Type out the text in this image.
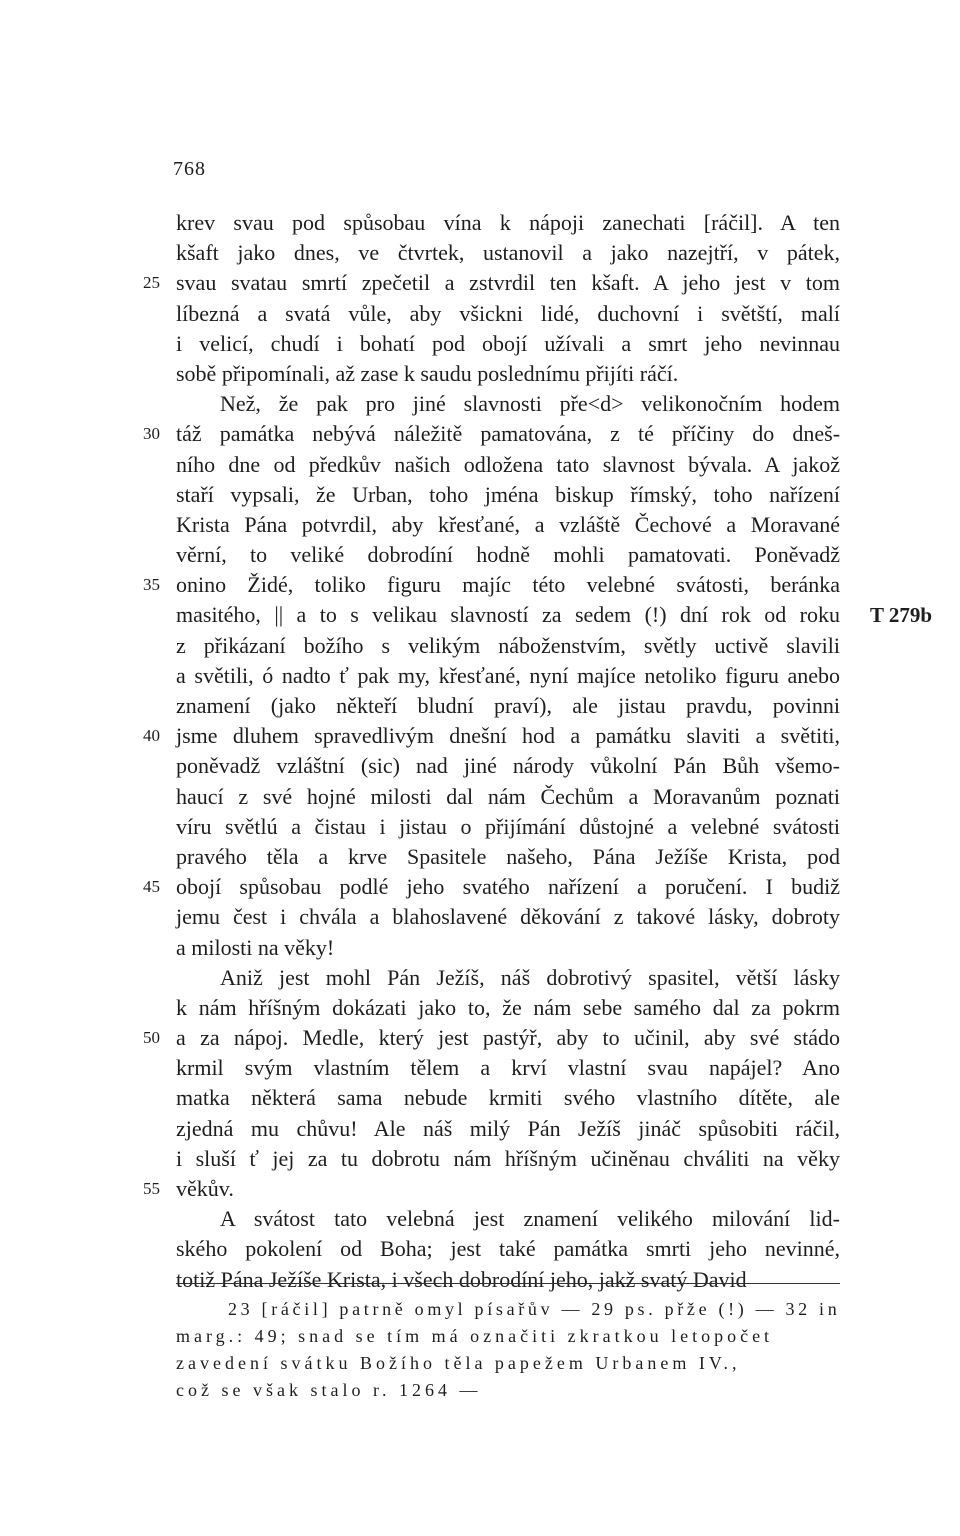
768
krev svau pod spůsobau vína k nápoji zanechati [ráčil]. A ten
kšaft jako dnes, ve čtvrtek, ustanovil a jako nazejtří, v pátek,
25 svau svatau smrtí zpečetil a zstvrdil ten kšaft. A jeho jest v tom
líbezná a svatá vůle, aby všickni lidé, duchovní i světští, malí
i velicí, chudí i bohatí pod obojí užívali a smrt jeho nevinnau
sobě připomínali, až zase k saudu poslednímu přijíti ráčí.
Než, že pak pro jiné slavnosti pře<d> velikonočním hodem
30 táž památka nebývá náležitě pamatována, z té příčiny do dneš-
ního dne od předkův našich odložena tato slavnost bývala. A jakož
staří vypsali, že Urban, toho jména biskup římský, toho nařízení
Krista Pána potvrdil, aby křesťané, a vzláště Čechové a Moravané
věrní, to veliké dobrodíní hodně mohli pamatovati. Poněvadž
35 onino Židé, toliko figuru majíc této velebné svátosti, beránka
masitého, || a to s velikau slavností za sedem (!) dní rok od roku T 279b
z přikázaní božího s velikým náboženstvím, světly uctivě slavili
a světili, ó nadto ť pak my, křesťané, nyní majíce netoliko figuru anebo
znamení (jako někteří bludní praví), ale jistau pravdu, povinni
40 jsme dluhem spravedlivým dnešní hod a památku slaviti a světiti,
poněvadž vzláštní (sic) nad jiné národy vůkolní Pán Bůh všemo-
haucí z své hojné milosti dal nám Čechům a Moravanům poznati
víru světlú a čistau i jistau o přijímání důstojné a velebné svátosti
pravého těla a krve Spasitele našeho, Pána Ježíše Krista, pod
45 obojí spůsobau podlé jeho svatého nařízení a poručení. I budiž
jemu čest i chvála a blahoslavené děkování z takové lásky, dobroty
a milosti na věky!
Aniž jest mohl Pán Ježíš, náš dobrotivý spasitel, větší lásky
k nám hříšným dokázati jako to, že nám sebe samého dal za pokrm
50 a za nápoj. Medle, který jest pastýř, aby to učinil, aby své stádo
krmil svým vlastním tělem a krví vlastní svau napájel? Ano
matka některá sama nebude krmiti svého vlastního dítěte, ale
zjedná mu chůvu! Ale náš milý Pán Ježíš jináč spůsobiti ráčil,
i sluší ť jej za tu dobrotu nám hříšným učiněnau chváliti na věky
55 věkův.
A svátost tato velebná jest znamení velikého milování lid-
ského pokolení od Boha; jest také památka smrti jeho nevinné,
totiž Pána Ježíše Krista, i všech dobrodíní jeho, jakž svatý David
23 [ráčil] patrně omyl písařův — 29 ps. přže (!) — 32 in
marg.: 49; snad se tím má označiti zkratkou letopočet
zavedení svátku Božího těla papežem Urbanem IV.,
což se však stalo r. 1264 —
